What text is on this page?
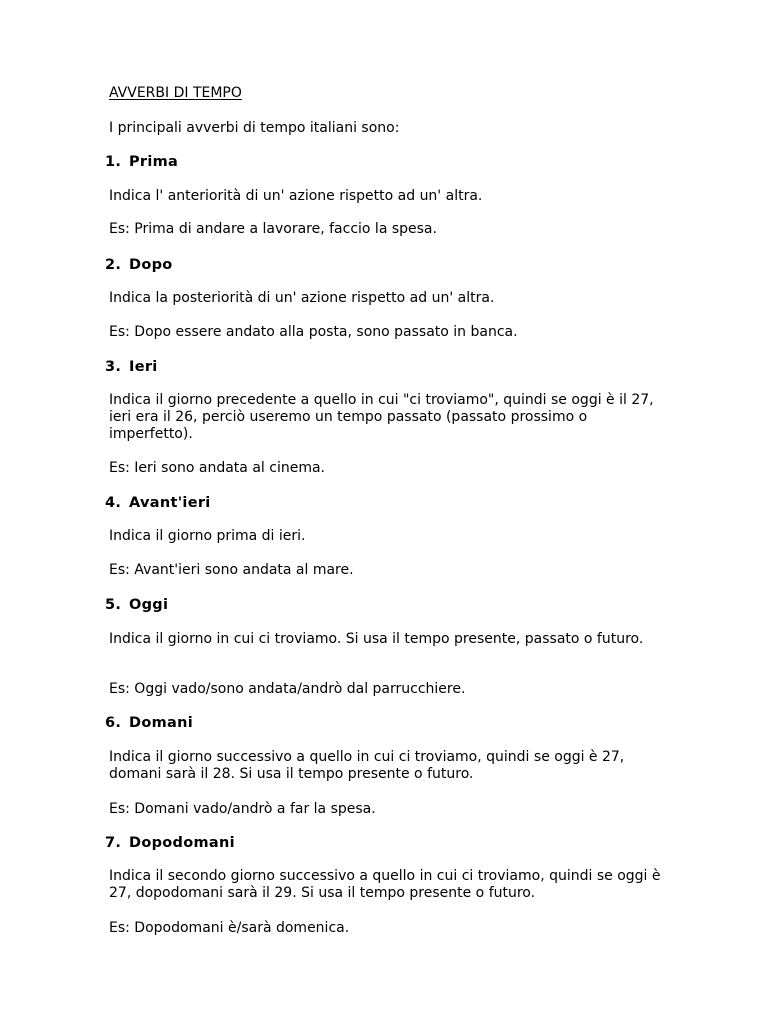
AVVERBI DI TEMPO
I principali avverbi di tempo italiani sono:
1. Prima
Indica l' anteriorità di un' azione rispetto ad un' altra.
Es: Prima di andare a lavorare, faccio la spesa.
2. Dopo
Indica la posteriorità di un' azione rispetto ad un' altra.
Es: Dopo essere andato alla posta, sono passato in banca.
3. Ieri
Indica il giorno precedente a quello in cui "ci troviamo", quindi se oggi è il 27, ieri era il 26, perciò useremo un tempo passato (passato prossimo o imperfetto).
Es: Ieri sono andata al cinema.
4. Avant'ieri
Indica il giorno prima di ieri.
Es: Avant'ieri sono andata al mare.
5. Oggi
Indica il giorno in cui ci troviamo. Si usa il tempo presente, passato o futuro.
Es: Oggi vado/sono andata/andrò dal parrucchiere.
6. Domani
Indica il giorno successivo a quello in cui ci troviamo, quindi se oggi è 27, domani sarà il 28. Si usa il tempo presente o futuro.
Es: Domani vado/andrò a far la spesa.
7. Dopodomani
Indica il secondo giorno successivo a quello in cui ci troviamo, quindi se oggi è 27, dopodomani sarà il 29. Si usa il tempo presente o futuro.
Es: Dopodomani è/sarà domenica.
